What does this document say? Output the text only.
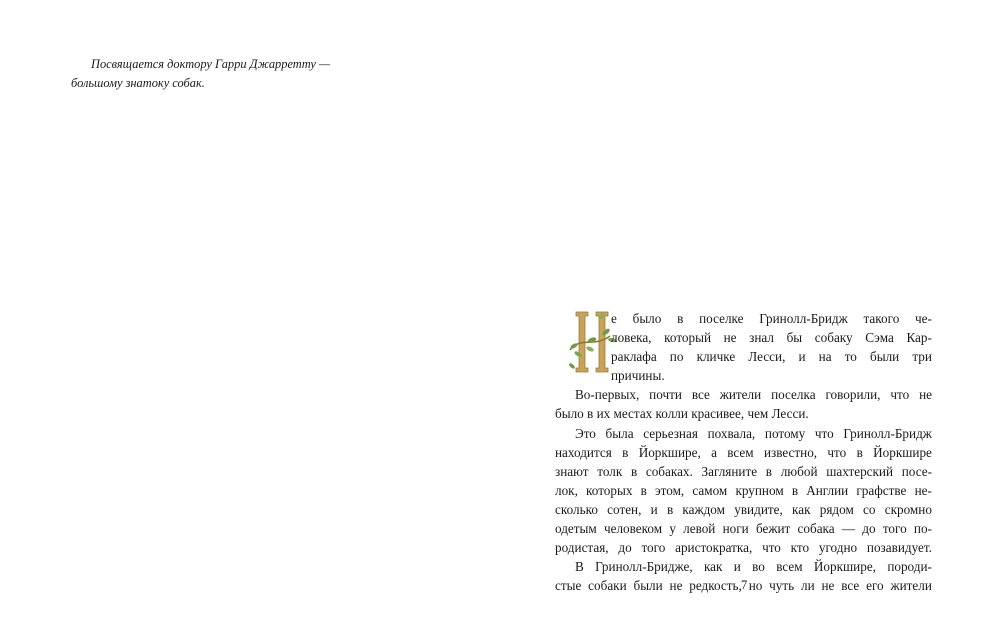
Посвящается доктору Гарри Джарретту —
большому знатоку собак.
е было в поселке Гринолл-Бридж такого че-
ловека, который не знал бы собаку Сэма Кар-
раклафа по кличке Лесси, и на то были три
причины.
Во-первых, почти все жители поселка говорили, что не
было в их местах колли красивее, чем Лесси.
Это была серьезная похвала, потому что Гринолл-Бридж
находится в Йоркшире, а всем известно, что в Йоркшире
знают толк в собаках. Загляните в любой шахтерский посе-
лок, которых в этом, самом крупном в Англии графстве не-
сколько сотен, и в каждом увидите, как рядом со скромно
одетым человеком у левой ноги бежит собака — до того по-
родистая, до того аристократка, что кто угодно позавидует.
В Гринолл-Бридже, как и во всем Йоркшире, породи-
стые собаки были не редкость, но чуть ли не все его жители
7
